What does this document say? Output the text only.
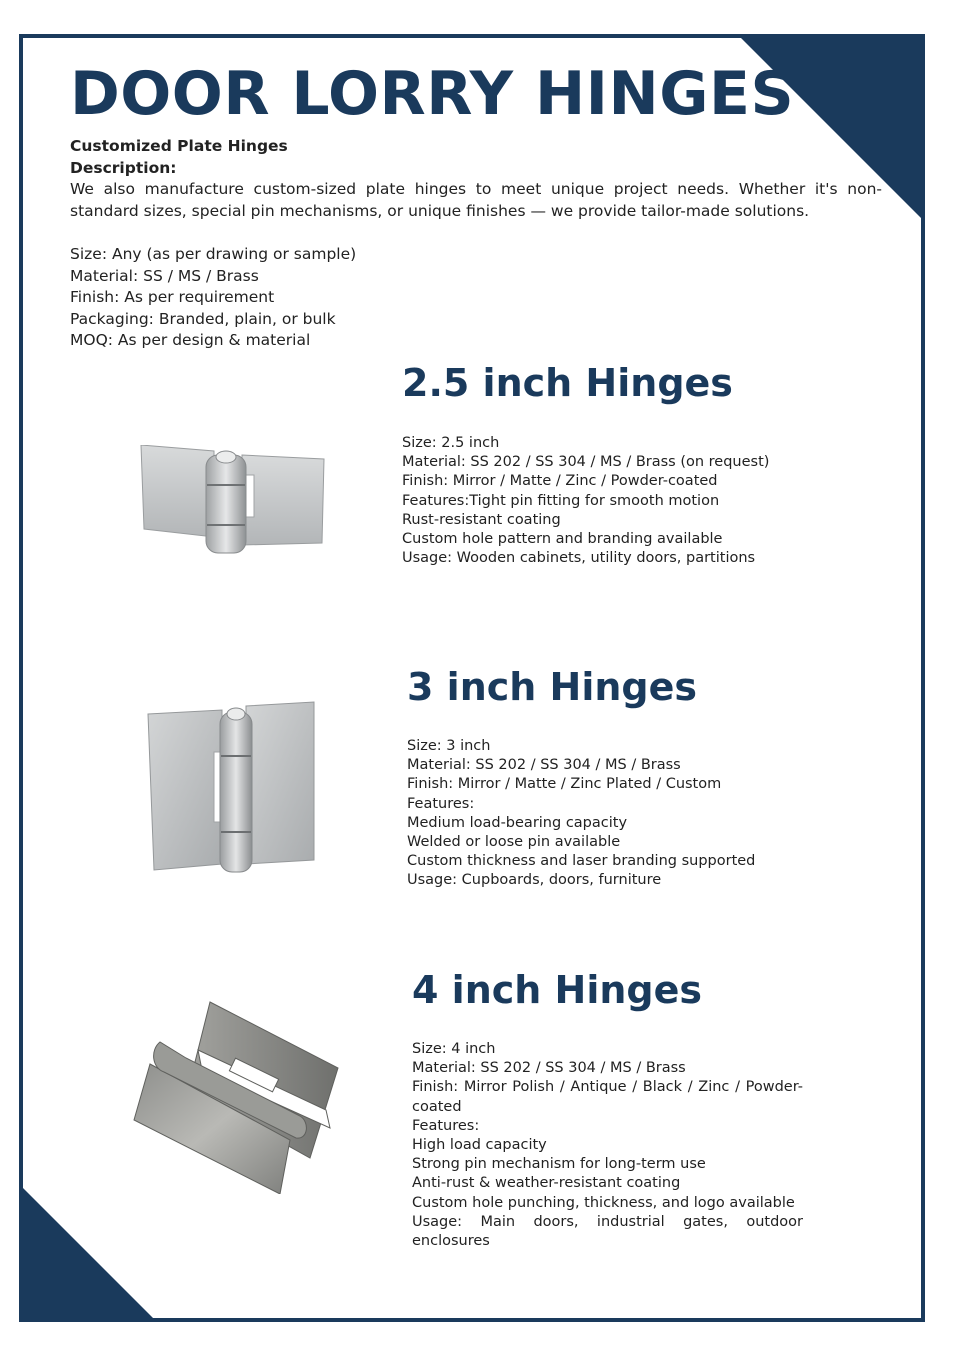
DOOR LORRY HINGES
Customized Plate Hinges
Description:
We also manufacture custom-sized plate hinges to meet unique project needs. Whether it's non-standard sizes, special pin mechanisms, or unique finishes — we provide tailor-made solutions.
Size: Any (as per drawing or sample)
Material: SS / MS / Brass
Finish: As per requirement
Packaging: Branded, plain, or bulk
MOQ: As per design & material
2.5 inch Hinges
Size: 2.5 inch
Material: SS 202 / SS 304 / MS / Brass (on request)
Finish: Mirror / Matte / Zinc / Powder-coated
Features:Tight pin fitting for smooth motion
Rust-resistant coating
Custom hole pattern and branding available
Usage: Wooden cabinets, utility doors, partitions
3 inch Hinges
Size: 3 inch
Material: SS 202 / SS 304 / MS / Brass
Finish: Mirror / Matte / Zinc Plated / Custom
Features:
Medium load-bearing capacity
Welded or loose pin available
Custom thickness and laser branding supported
Usage: Cupboards, doors, furniture
4 inch Hinges
Size: 4 inch
Material: SS 202 / SS 304 / MS / Brass
Finish: Mirror Polish / Antique / Black / Zinc / Powder-
coated
Features:
High load capacity
Strong pin mechanism for long-term use
Anti-rust & weather-resistant coating
Custom hole punching, thickness, and logo available
Usage: Main doors, industrial gates, outdoor
enclosures
